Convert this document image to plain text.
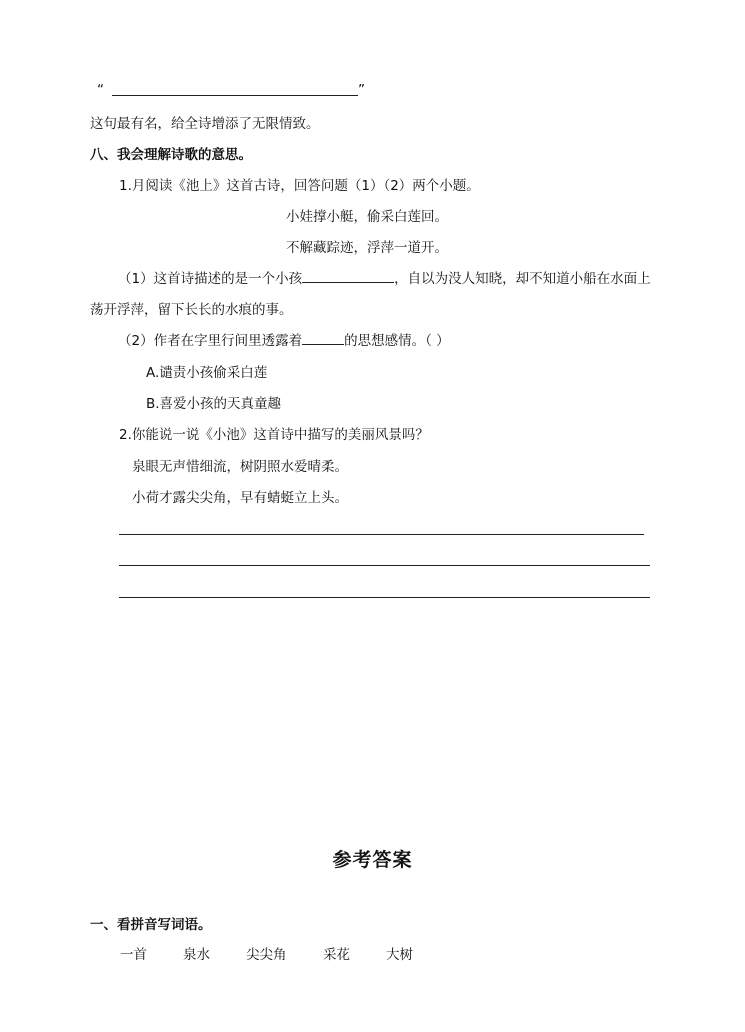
“	”
这句最有名，给全诗增添了无限情致。
八、我会理解诗歌的意思。
1.月阅读《池上》这首古诗，回答问题（1）（2）两个小题。
小娃撑小艇，偷采白莲回。
不解藏踪迹，浮萍一道开。
（1）这首诗描述的是一个小孩	，自以为没人知晓，却不知道小船在水面上
荡开浮萍，留下长长的水痕的事。
（2）作者在字里行间里透露着	的思想感情。（ ）
A.谴责小孩偷采白莲
B.喜爱小孩的天真童趣
2.你能说一说《小池》这首诗中描写的美丽风景吗？
泉眼无声惜细流，树阴照水爱晴柔。
小荷才露尖尖角，早有蜻蜓立上头。
参考答案
一、看拼音写词语。
一首	泉水	尖尖角	采花	大树
